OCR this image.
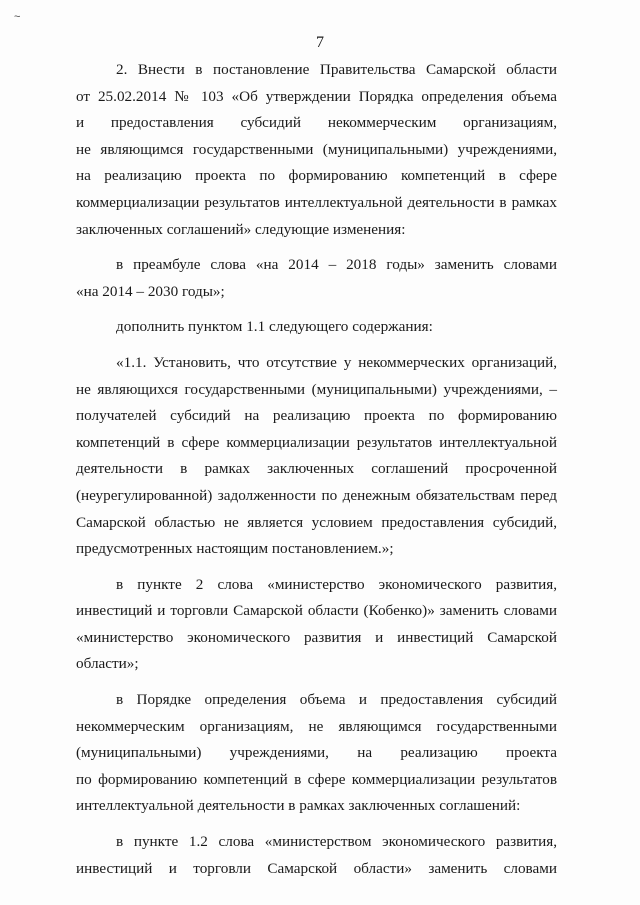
~
7
2. Внести в постановление Правительства Самарской области
от 25.02.2014 № 103 «Об утверждении Порядка определения объема
и предоставления субсидий некоммерческим организациям,
не являющимся государственными (муниципальными) учреждениями,
на реализацию проекта по формированию компетенций в сфере
коммерциализации результатов интеллектуальной деятельности в рамках
заключенных соглашений» следующие изменения:
в преамбуле слова «на 2014 – 2018 годы» заменить словами
«на 2014 – 2030 годы»;
дополнить пунктом 1.1 следующего содержания:
«1.1. Установить, что отсутствие у некоммерческих организаций,
не являющихся государственными (муниципальными) учреждениями, –
получателей субсидий на реализацию проекта по формированию
компетенций в сфере коммерциализации результатов интеллектуальной
деятельности в рамках заключенных соглашений просроченной
(неурегулированной) задолженности по денежным обязательствам перед
Самарской областью не является условием предоставления субсидий,
предусмотренных настоящим постановлением.»;
в пункте 2 слова «министерство экономического развития,
инвестиций и торговли Самарской области (Кобенко)» заменить словами
«министерство экономического развития и инвестиций Самарской
области»;
в Порядке определения объема и предоставления субсидий
некоммерческим организациям, не являющимся государственными
(муниципальными) учреждениями, на реализацию проекта
по формированию компетенций в сфере коммерциализации результатов
интеллектуальной деятельности в рамках заключенных соглашений:
в пункте 1.2 слова «министерством экономического развития,
инвестиций и торговли Самарской области» заменить словами
